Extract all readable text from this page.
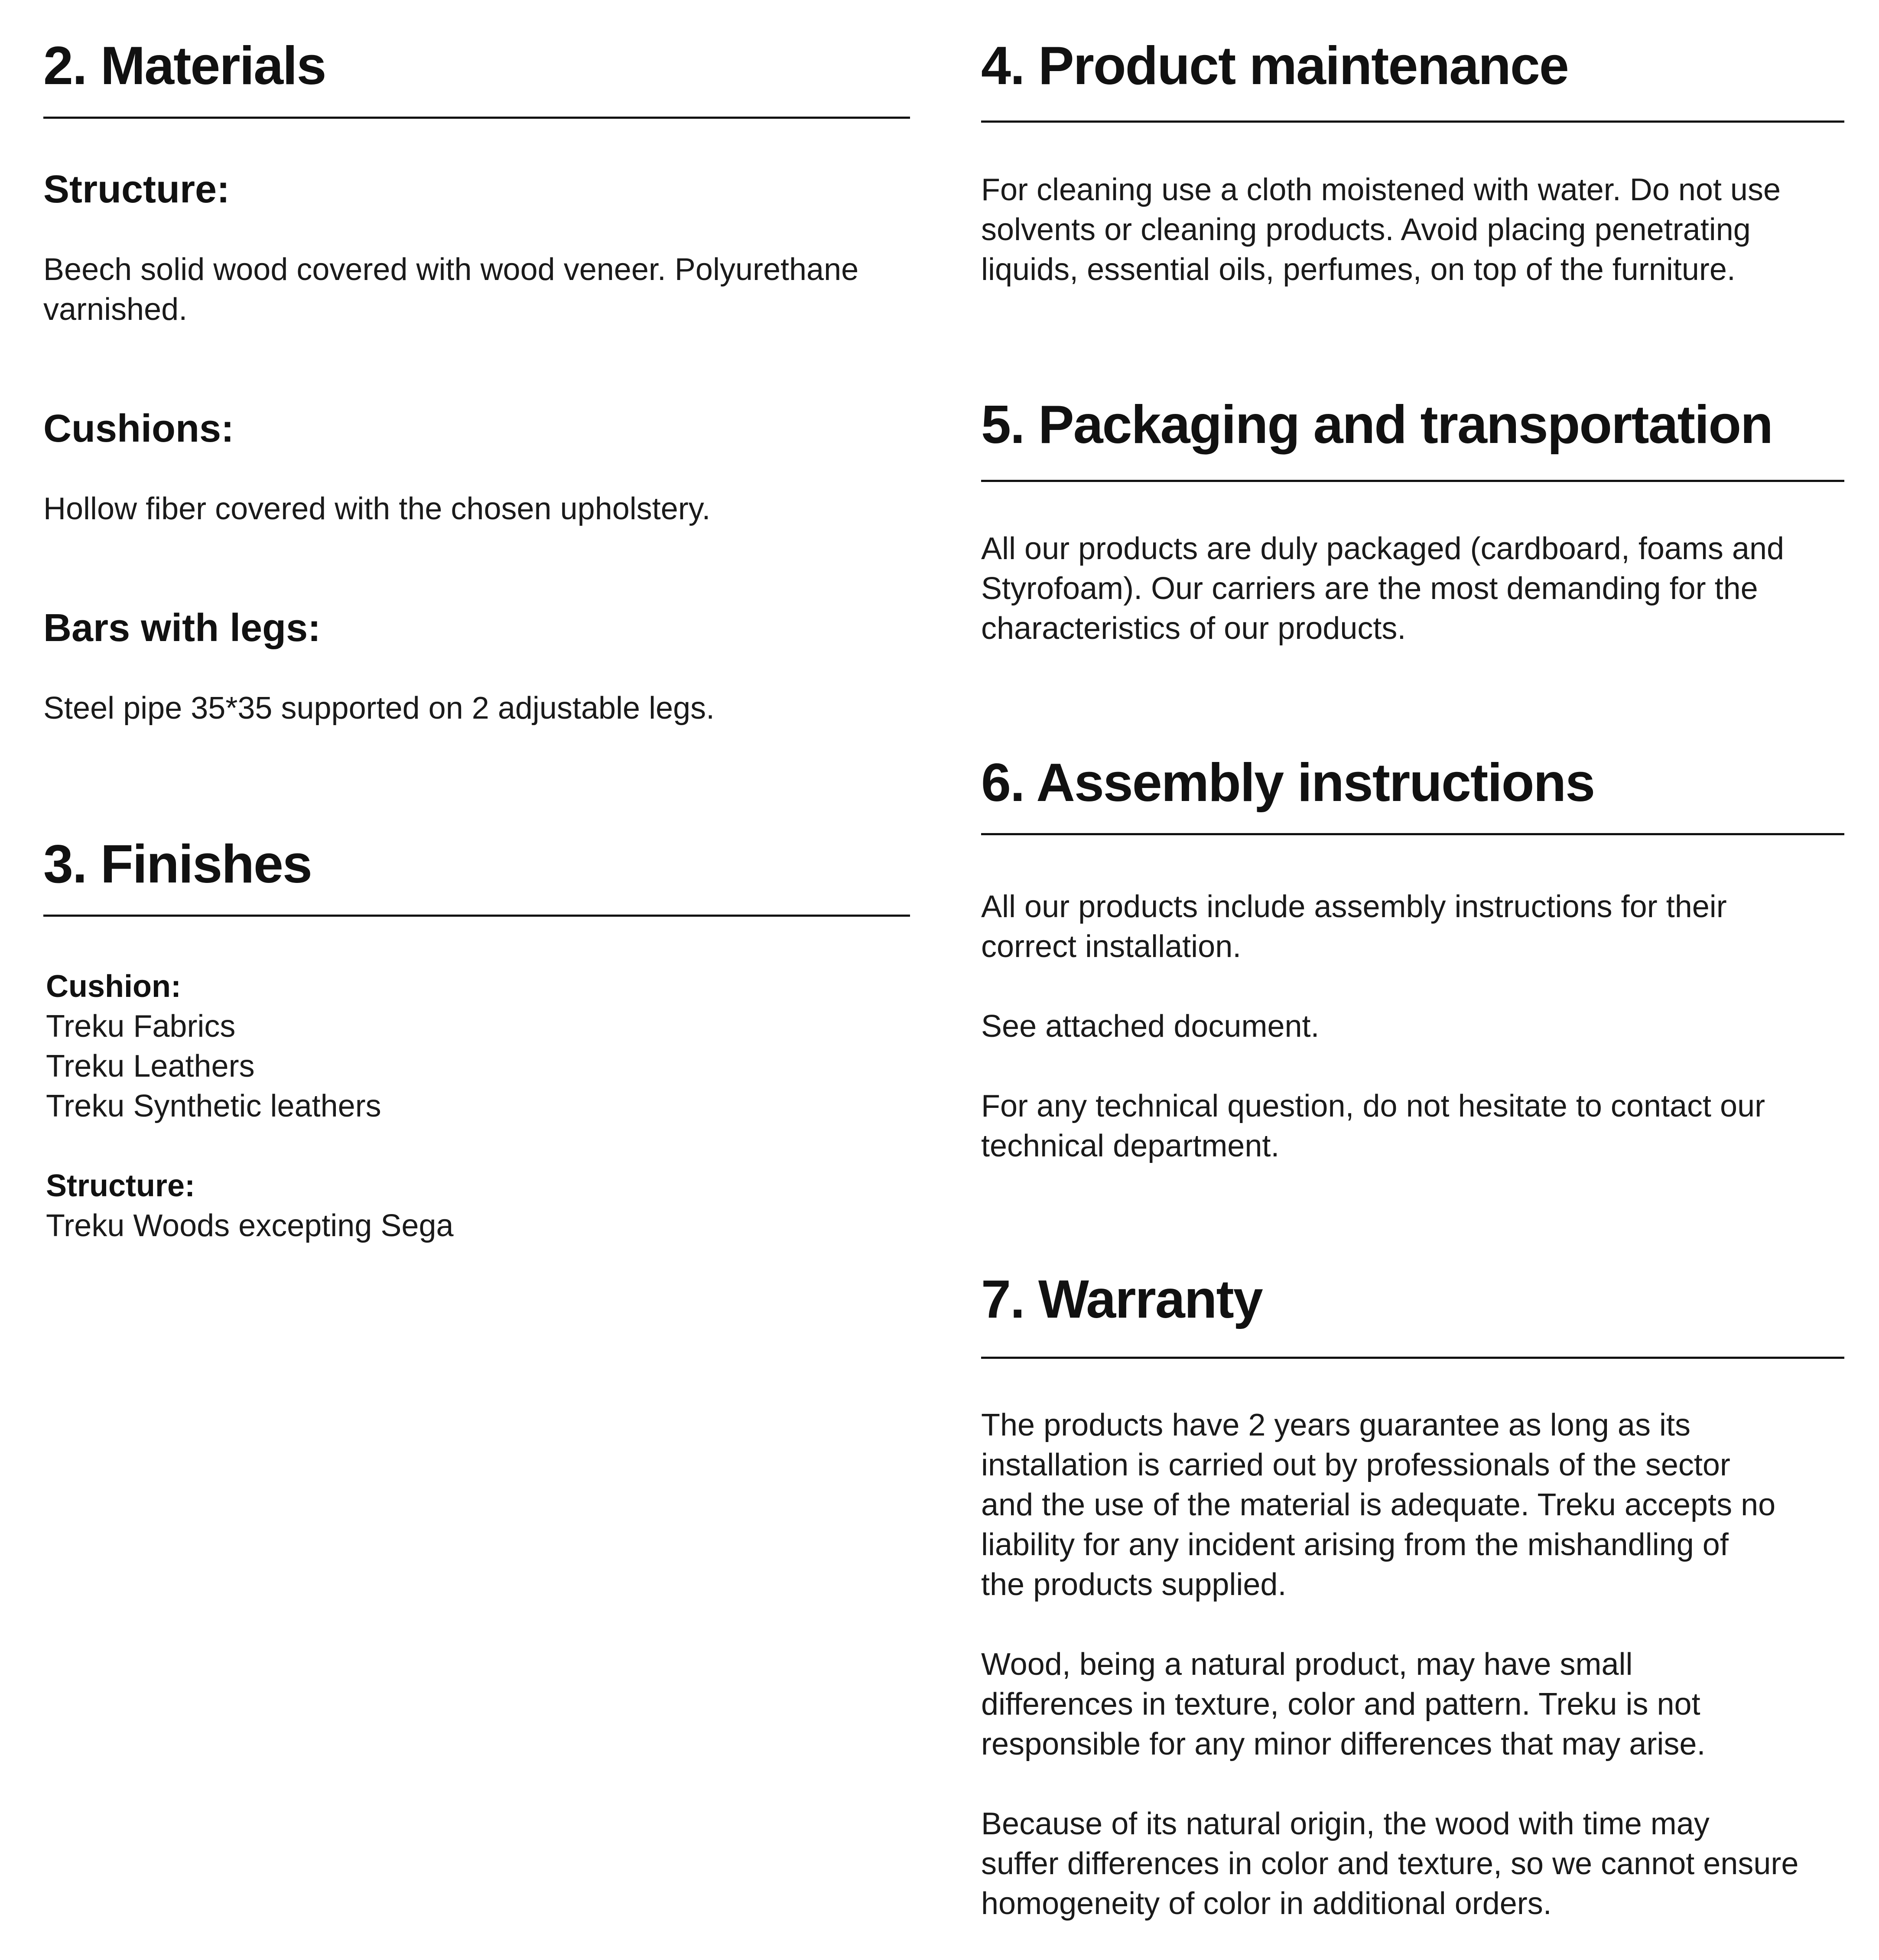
2. Materials
Structure:

Beech solid wood covered with wood veneer. Polyurethane
varnished.

Cushions:

Hollow fiber covered with the chosen upholstery.

Bars with legs:

Steel pipe 35*35 supported on 2 adjustable legs.

3. Finishes

Cushion:

Treku Fabrics
Treku Leathers
Treku Synthetic leathers

Structure:

Treku Woods excepting Sega

4. Product maintenance

For cleaning use a cloth moistened with water. Do not use
solvents or cleaning products. Avoid placing penetrating
liquids, essential oils, perfumes, on top of the furniture.

5. Packaging and transportation

All our products are duly packaged (cardboard, foams and
Styrofoam). Our carriers are the most demanding for the
characteristics of our products.

6. Assembly instructions

All our products include assembly instructions for their
correct installation.

See attached document.

For any technical question, do not hesitate to contact our
technical department.

7. Warranty

The products have 2 years guarantee as long as its
installation is carried out by professionals of the sector
and the use of the material is adequate. Treku accepts no
liability for any incident arising from the mishandling of
the products supplied.

Wood, being a natural product, may have small
differences in texture, color and pattern. Treku is not
responsible for any minor differences that may arise.

Because of its natural origin, the wood with time may
suffer differences in color and texture, so we cannot ensure
homogeneity of color in additional orders.
